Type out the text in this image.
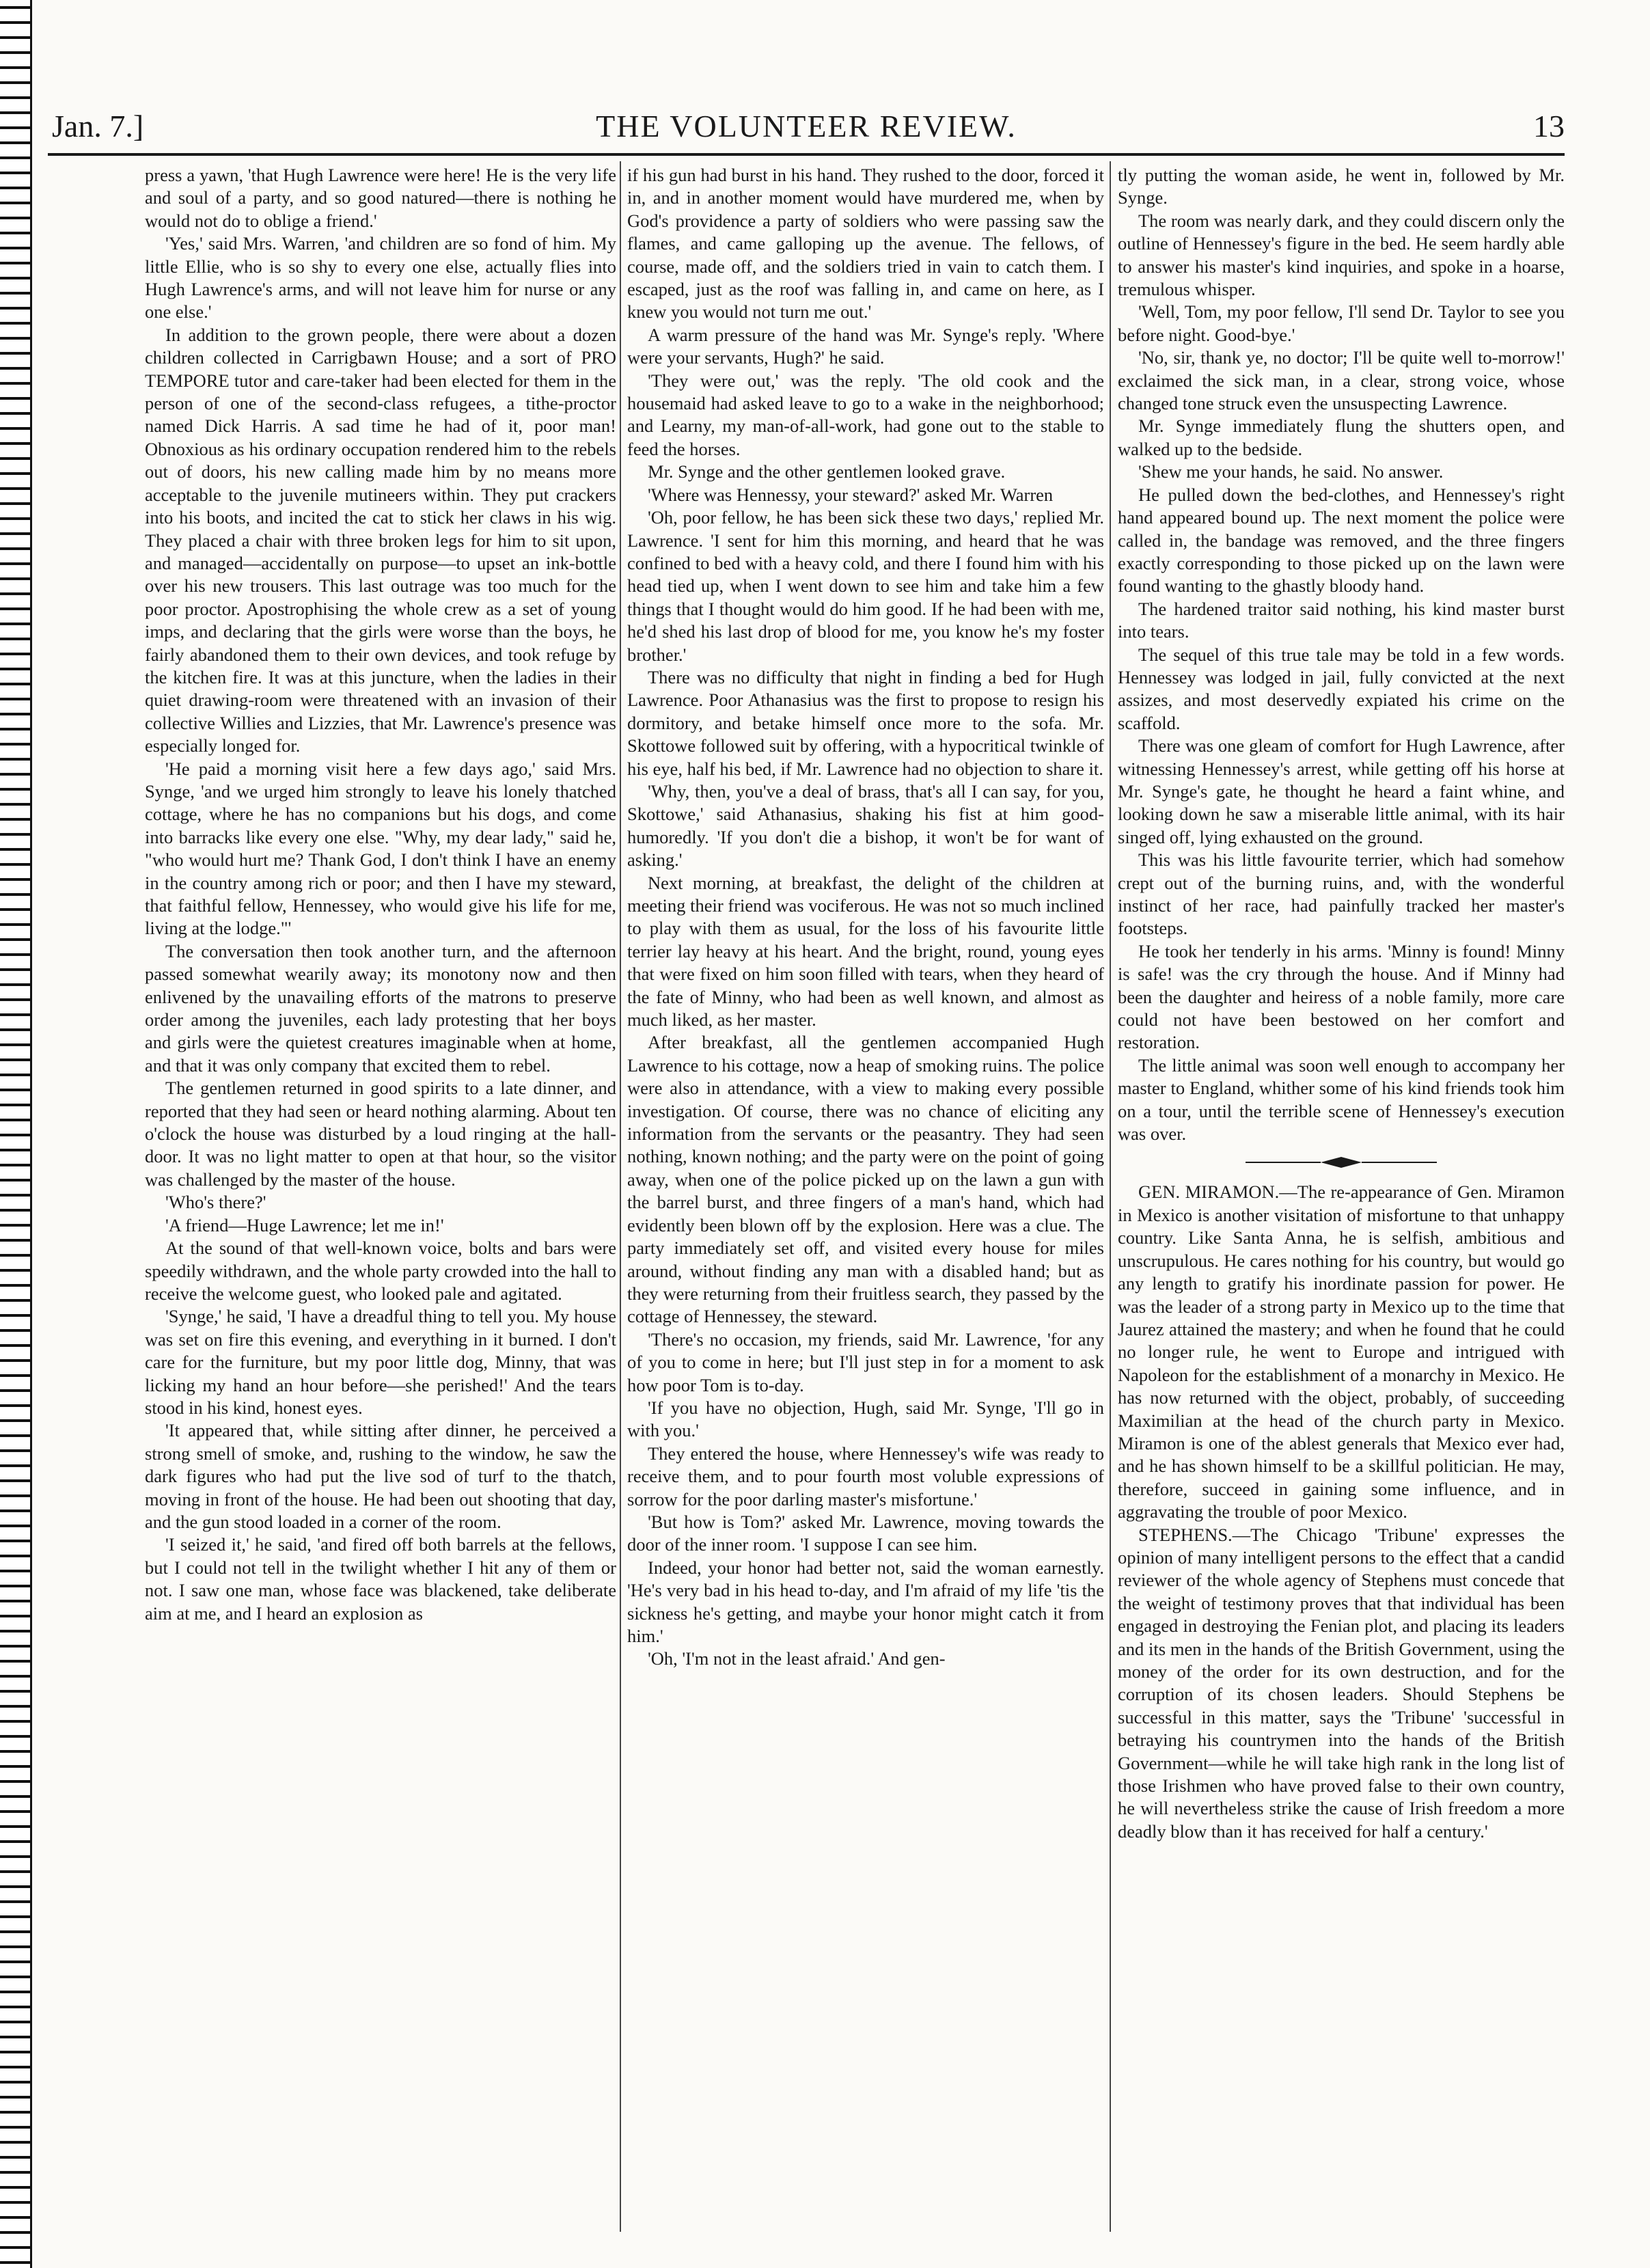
Jan. 7.]	THE VOLUNTEER REVIEW.	13

press a yawn, 'that Hugh Lawrence were here! He is the very life and soul of a party, and so good natured—there is nothing he would not do to oblige a friend.'

'Yes,' said Mrs. Warren, 'and children are so fond of him. My little Ellie, who is so shy to every one else, actually flies into Hugh Lawrence's arms, and will not leave him for nurse or any one else.'

In addition to the grown people, there were about a dozen children collected in Carrigbawn House; and a sort of PRO TEMPORE tutor and care-taker had been elected for them in the person of one of the second-class refugees, a tithe-proctor named Dick Harris. A sad time he had of it, poor man! Obnoxious as his ordinary occupation rendered him to the rebels out of doors, his new calling made him by no means more acceptable to the juvenile mutineers within. They put crackers into his boots, and incited the cat to stick her claws in his wig. They placed a chair with three broken legs for him to sit upon, and managed—accidentally on purpose—to upset an ink-bottle over his new trousers. This last outrage was too much for the poor proctor. Apostrophising the whole crew as a set of young imps, and declaring that the girls were worse than the boys, he fairly abandoned them to their own devices, and took refuge by the kitchen fire. It was at this juncture, when the ladies in their quiet drawing-room were threatened with an invasion of their collective Willies and Lizzies, that Mr. Lawrence's presence was especially longed for.

'He paid a morning visit here a few days ago,' said Mrs. Synge, 'and we urged him strongly to leave his lonely thatched cottage, where he has no companions but his dogs, and come into barracks like every one else. "Why, my dear lady," said he, "who would hurt me? Thank God, I don't think I have an enemy in the country among rich or poor; and then I have my steward, that faithful fellow, Hennessey, who would give his life for me, living at the lodge."'

The conversation then took another turn, and the afternoon passed somewhat wearily away; its monotony now and then enlivened by the unavailing efforts of the matrons to preserve order among the juveniles, each lady protesting that her boys and girls were the quietest creatures imaginable when at home, and that it was only company that excited them to rebel.

The gentlemen returned in good spirits to a late dinner, and reported that they had seen or heard nothing alarming. About ten o'clock the house was disturbed by a loud ringing at the hall-door. It was no light matter to open at that hour, so the visitor was challenged by the master of the house.

'Who's there?'

'A friend—Huge Lawrence; let me in!'

At the sound of that well-known voice, bolts and bars were speedily withdrawn, and the whole party crowded into the hall to receive the welcome guest, who looked pale and agitated.

'Synge,' he said, 'I have a dreadful thing to tell you. My house was set on fire this evening, and everything in it burned. I don't care for the furniture, but my poor little dog, Minny, that was licking my hand an hour before—she perished!' And the tears stood in his kind, honest eyes.

'It appeared that, while sitting after dinner, he perceived a strong smell of smoke, and, rushing to the window, he saw the dark figures who had put the live sod of turf to the thatch, moving in front of the house. He had been out shooting that day, and the gun stood loaded in a corner of the room.

'I seized it,' he said, 'and fired off both barrels at the fellows, but I could not tell in the twilight whether I hit any of them or not. I saw one man, whose face was blackened, take deliberate aim at me, and I heard an explosion as

if his gun had burst in his hand. They rushed to the door, forced it in, and in another moment would have murdered me, when by God's providence a party of soldiers who were passing saw the flames, and came galloping up the avenue. The fellows, of course, made off, and the soldiers tried in vain to catch them. I escaped, just as the roof was falling in, and came on here, as I knew you would not turn me out.'

A warm pressure of the hand was Mr. Synge's reply. 'Where were your servants, Hugh?' he said.

'They were out,' was the reply. 'The old cook and the housemaid had asked leave to go to a wake in the neighborhood; and Learny, my man-of-all-work, had gone out to the stable to feed the horses.

Mr. Synge and the other gentlemen looked grave.

'Where was Hennessy, your steward?' asked Mr. Warren

'Oh, poor fellow, he has been sick these two days,' replied Mr. Lawrence. 'I sent for him this morning, and heard that he was confined to bed with a heavy cold, and there I found him with his head tied up, when I went down to see him and take him a few things that I thought would do him good. If he had been with me, he'd shed his last drop of blood for me, you know he's my foster brother.'

There was no difficulty that night in finding a bed for Hugh Lawrence. Poor Athanasius was the first to propose to resign his dormitory, and betake himself once more to the sofa. Mr. Skottowe followed suit by offering, with a hypocritical twinkle of his eye, half his bed, if Mr. Lawrence had no objection to share it.

'Why, then, you've a deal of brass, that's all I can say, for you, Skottowe,' said Athanasius, shaking his fist at him good-humoredly. 'If you don't die a bishop, it won't be for want of asking.'

Next morning, at breakfast, the delight of the children at meeting their friend was vociferous. He was not so much inclined to play with them as usual, for the loss of his favourite little terrier lay heavy at his heart. And the bright, round, young eyes that were fixed on him soon filled with tears, when they heard of the fate of Minny, who had been as well known, and almost as much liked, as her master.

After breakfast, all the gentlemen accompanied Hugh Lawrence to his cottage, now a heap of smoking ruins. The police were also in attendance, with a view to making every possible investigation. Of course, there was no chance of eliciting any information from the servants or the peasantry. They had seen nothing, known nothing; and the party were on the point of going away, when one of the police picked up on the lawn a gun with the barrel burst, and three fingers of a man's hand, which had evidently been blown off by the explosion. Here was a clue. The party immediately set off, and visited every house for miles around, without finding any man with a disabled hand; but as they were returning from their fruitless search, they passed by the cottage of Hennessey, the steward.

'There's no occasion, my friends, said Mr. Lawrence, 'for any of you to come in here; but I'll just step in for a moment to ask how poor Tom is to-day.

'If you have no objection, Hugh, said Mr. Synge, 'I'll go in with you.'

They entered the house, where Hennessey's wife was ready to receive them, and to pour fourth most voluble expressions of sorrow for the poor darling master's misfortune.'

'But how is Tom?' asked Mr. Lawrence, moving towards the door of the inner room. 'I suppose I can see him.

Indeed, your honor had better not, said the woman earnestly. 'He's very bad in his head to-day, and I'm afraid of my life 'tis the sickness he's getting, and maybe your honor might catch it from him.'

'Oh, 'I'm not in the least afraid.' And gen-

tly putting the woman aside, he went in, followed by Mr. Synge.

The room was nearly dark, and they could discern only the outline of Hennessey's figure in the bed. He seem hardly able to answer his master's kind inquiries, and spoke in a hoarse, tremulous whisper.

'Well, Tom, my poor fellow, I'll send Dr. Taylor to see you before night. Good-bye.'

'No, sir, thank ye, no doctor; I'll be quite well to-morrow!' exclaimed the sick man, in a clear, strong voice, whose changed tone struck even the unsuspecting Lawrence.

Mr. Synge immediately flung the shutters open, and walked up to the bedside.

'Shew me your hands, he said. No answer.

He pulled down the bed-clothes, and Hennessey's right hand appeared bound up. The next moment the police were called in, the bandage was removed, and the three fingers exactly corresponding to those picked up on the lawn were found wanting to the ghastly bloody hand.

The hardened traitor said nothing, his kind master burst into tears.

The sequel of this true tale may be told in a few words. Hennessey was lodged in jail, fully convicted at the next assizes, and most deservedly expiated his crime on the scaffold.

There was one gleam of comfort for Hugh Lawrence, after witnessing Hennessey's arrest, while getting off his horse at Mr. Synge's gate, he thought he heard a faint whine, and looking down he saw a miserable little animal, with its hair singed off, lying exhausted on the ground.

This was his little favourite terrier, which had somehow crept out of the burning ruins, and, with the wonderful instinct of her race, had painfully tracked her master's footsteps.

He took her tenderly in his arms. 'Minny is found! Minny is safe! was the cry through the house. And if Minny had been the daughter and heiress of a noble family, more care could not have been bestowed on her comfort and restoration.

The little animal was soon well enough to accompany her master to England, whither some of his kind friends took him on a tour, until the terrible scene of Hennessey's execution was over.

GEN. MIRAMON.—The re-appearance of Gen. Miramon in Mexico is another visitation of misfortune to that unhappy country. Like Santa Anna, he is selfish, ambitious and unscrupulous. He cares nothing for his country, but would go any length to gratify his inordinate passion for power. He was the leader of a strong party in Mexico up to the time that Jaurez attained the mastery; and when he found that he could no longer rule, he went to Europe and intrigued with Napoleon for the establishment of a monarchy in Mexico. He has now returned with the object, probably, of succeeding Maximilian at the head of the church party in Mexico. Miramon is one of the ablest generals that Mexico ever had, and he has shown himself to be a skillful politician. He may, therefore, succeed in gaining some influence, and in aggravating the trouble of poor Mexico.

STEPHENS.—The Chicago 'Tribune' expresses the opinion of many intelligent persons to the effect that a candid reviewer of the whole agency of Stephens must concede that the weight of testimony proves that that individual has been engaged in destroying the Fenian plot, and placing its leaders and its men in the hands of the British Government, using the money of the order for its own destruction, and for the corruption of its chosen leaders. Should Stephens be successful in this matter, says the 'Tribune' 'successful in betraying his countrymen into the hands of the British Government—while he will take high rank in the long list of those Irishmen who have proved false to their own country, he will nevertheless strike the cause of Irish freedom a more deadly blow than it has received for half a century.'
